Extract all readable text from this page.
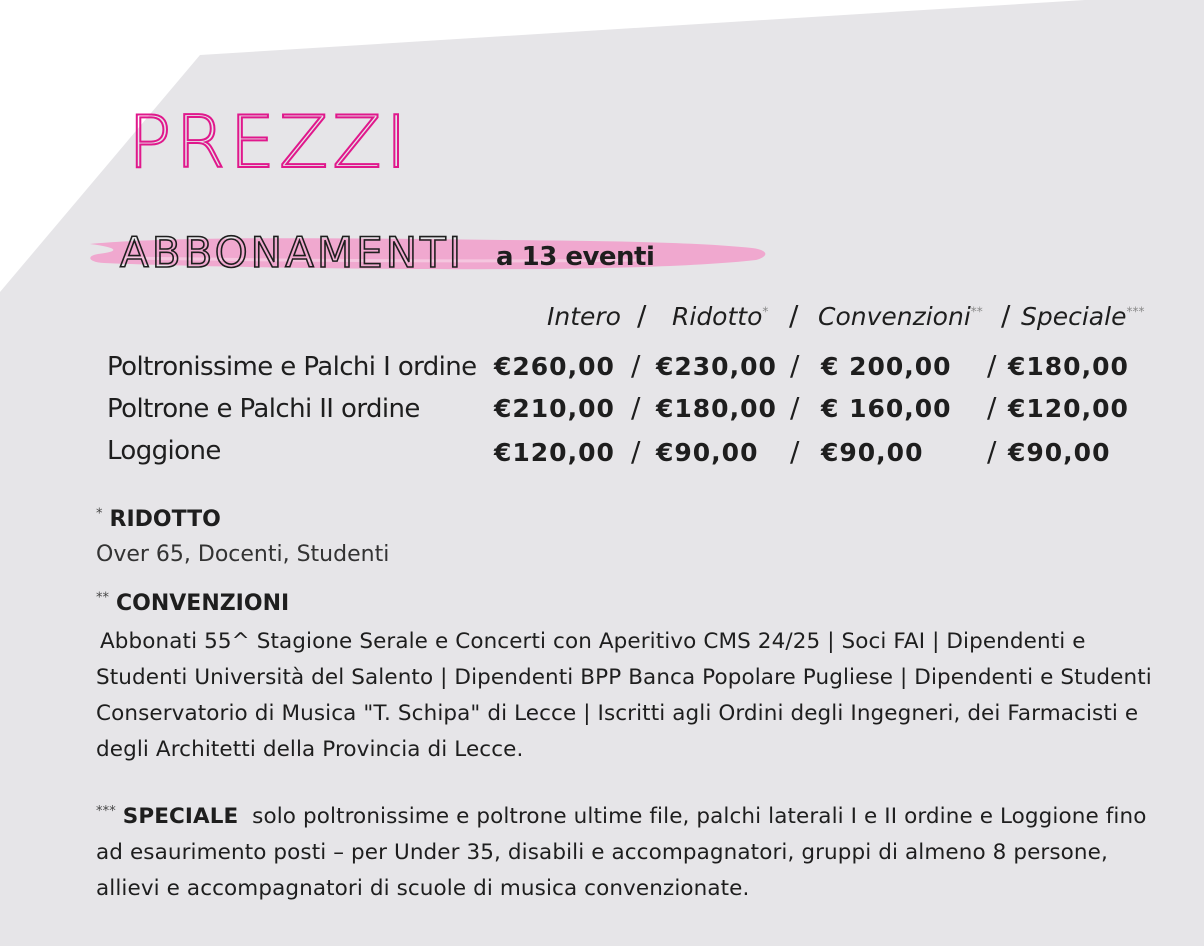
PREZZI
ABBONAMENTI a 13 eventi
Intero / Ridotto* / Convenzioni** / Speciale***
Poltronissime e Palchi I ordine €260,00 / €230,00 / € 200,00 / €180,00
Poltrone e Palchi II ordine	€210,00 / €180,00 / € 160,00 / €120,00
Loggione	€120,00 / €90,00 / €90,00 / €90,00
* RIDOTTO
Over 65, Docenti, Studenti
** CONVENZIONI
Abbonati 55^ Stagione Serale e Concerti con Aperitivo CMS 24/25 | Soci FAI | Dipendenti e Studenti Università del Salento | Dipendenti BPP Banca Popolare Pugliese | Dipendenti e Studenti Conservatorio di Musica "T. Schipa" di Lecce | Iscritti agli Ordini degli Ingegneri, dei Farmacisti e degli Architetti della Provincia di Lecce.
*** SPECIALE solo poltronissime e poltrone ultime file, palchi laterali I e II ordine e Loggione fino ad esaurimento posti – per Under 35, disabili e accompagnatori, gruppi di almeno 8 persone, allievi e accompagnatori di scuole di musica convenzionate.
